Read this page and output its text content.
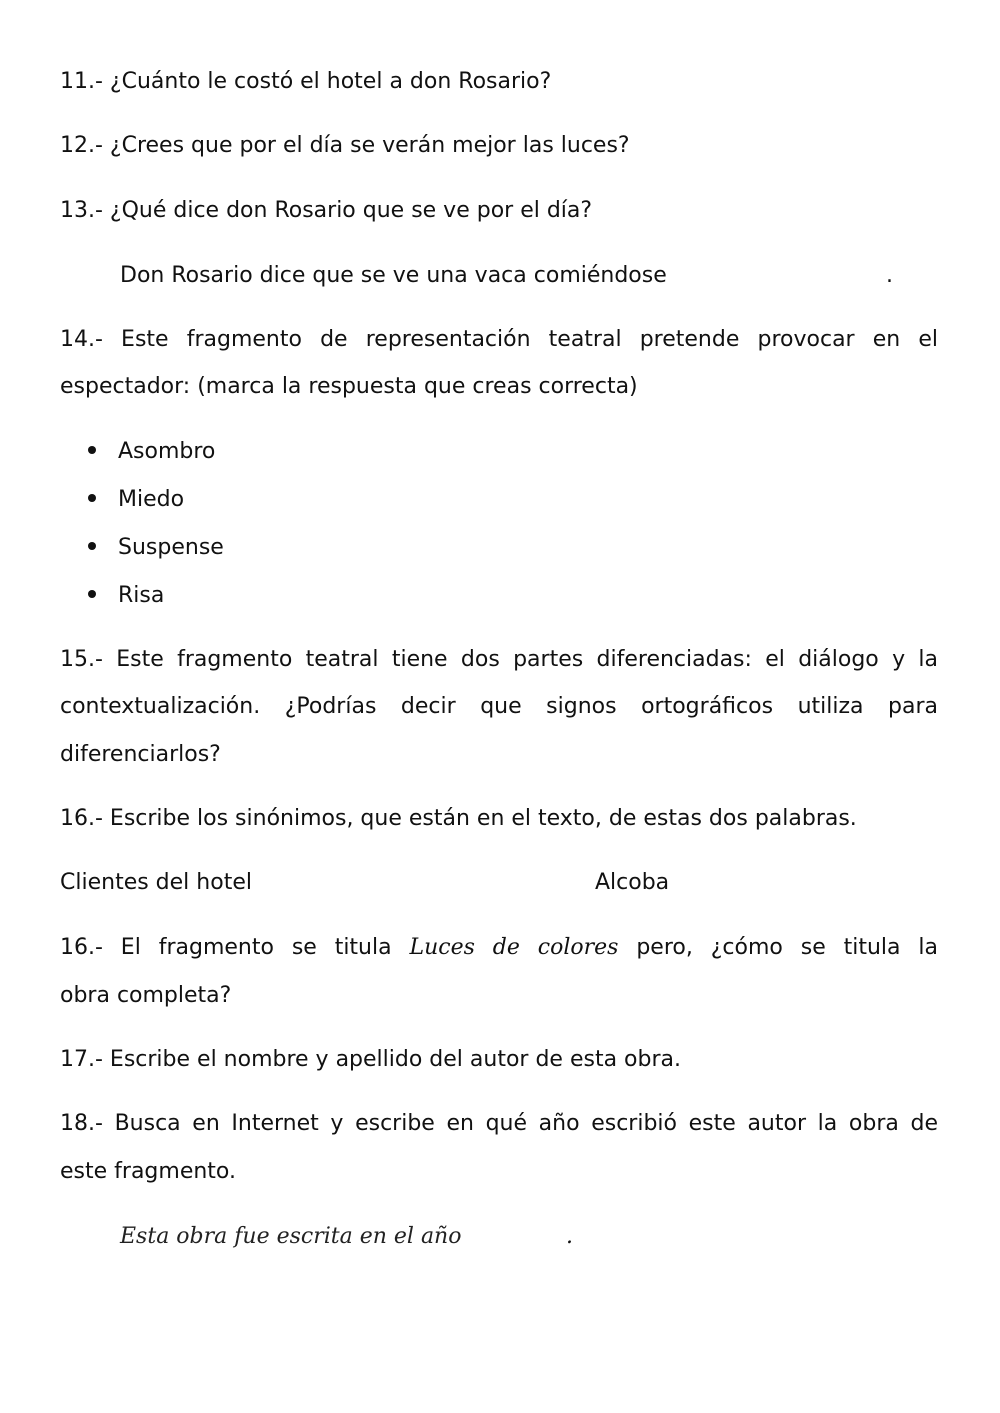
11.- ¿Cuánto le costó el hotel a don Rosario?
12.- ¿Crees que por el día se verán mejor las luces?
13.- ¿Qué dice don Rosario que se ve por el día?
Don Rosario dice que se ve una vaca comiéndose	.
14.- Este fragmento de representación teatral pretende provocar en el
espectador: (marca la respuesta que creas correcta)
Asombro
Miedo
Suspense
Risa
15.- Este fragmento teatral tiene dos partes diferenciadas: el diálogo y la
contextualización. ¿Podrías decir que signos ortográficos utiliza para
diferenciarlos?
16.- Escribe los sinónimos, que están en el texto, de estas dos palabras.
Clientes del hotel	Alcoba
16.- El fragmento se titula Luces de colores pero, ¿cómo se titula la
obra completa?
17.- Escribe el nombre y apellido del autor de esta obra.
18.- Busca en Internet y escribe en qué año escribió este autor la obra de
este fragmento.
Esta obra fue escrita en el año	.
